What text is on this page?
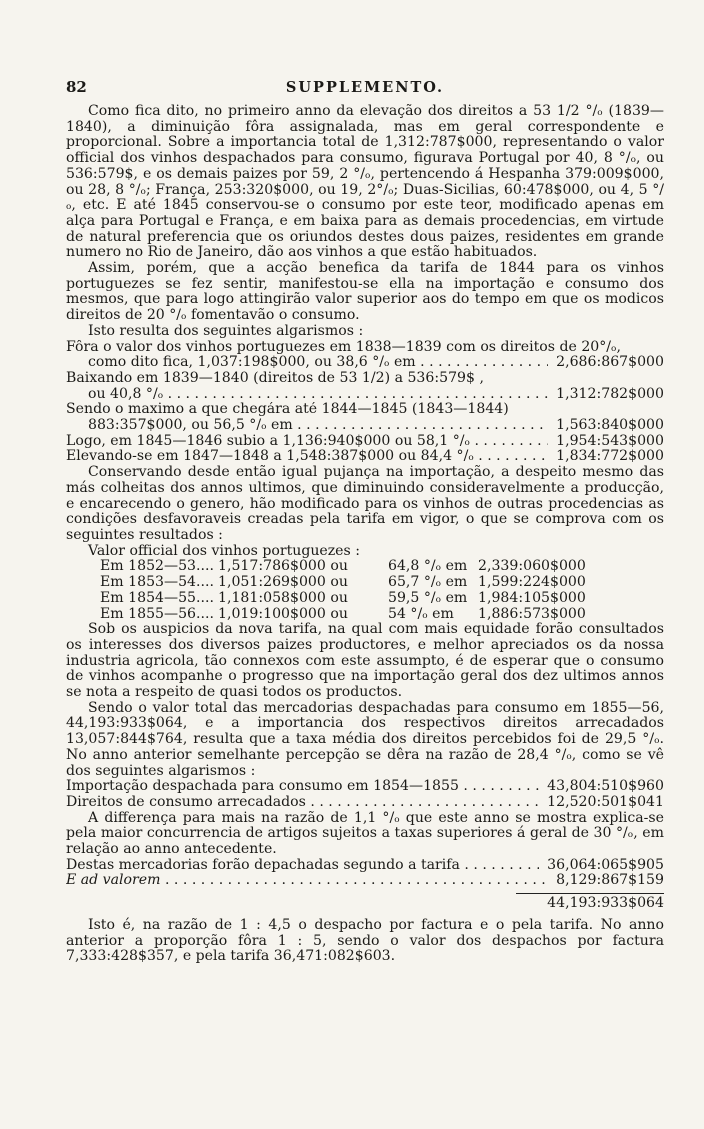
82	SUPPLEMENTO.

Como fica dito, no primeiro anno da elevação dos direitos a 53 1/2 °/ₒ (1839—1840), a diminuição fôra assignalada, mas em geral correspondente e proporcional. Sobre a importancia total de 1,312:787$000, representando o valor official dos vinhos despachados para consumo, figurava Portugal por 40, 8 °/ₒ, ou 536:579$, e os demais paizes por 59, 2 °/ₒ, pertencendo á Hespanha 379:009$000, ou 28, 8 °/ₒ; França, 253:320$000, ou 19, 2°/ₒ; Duas-Sicilias, 60:478$000, ou 4, 5 °/ₒ, etc. E até 1845 conservou-se o consumo por este teor, modificado apenas em alça para Portugal e França, e em baixa para as demais procedencias, em virtude de natural preferencia que os oriundos destes dous paizes, residentes em grande numero no Rio de Janeiro, dão aos vinhos a que estão habituados.

Assim, porém, que a acção benefica da tarifa de 1844 para os vinhos portuguezes se fez sentir, manifestou-se ella na importação e consumo dos mesmos, que para logo attingirão valor superior aos do tempo em que os modicos direitos de 20 °/ₒ fomentavão o consumo.

Isto resulta dos seguintes algarismos :

Fôra o valor dos vinhos portuguezes em 1838—1839 com os direitos de 20°/ₒ,
como dito fica, 1,037:198$000, ou 38,6 °/ₒ em . . .	2,686:867$000
Baixando em 1839—1840 (direitos de 53 1/2) a 536:579$ ,
ou 40,8 °/ₒ . . .	1,312:782$000
Sendo o maximo a que chegára até 1844—1845 (1843—1844)
883:357$000, ou 56,5 °/ₒ em . . .	1,563:840$000
Logo, em 1845—1846 subio a 1,136:940$000 ou 58,1 °/ₒ . . .	1,954:543$000
Elevando-se em 1847—1848 a 1,548:387$000 ou 84,4 °/ₒ . . .	1,834:772$000

Conservando desde então igual pujança na importação, a despeito mesmo das más colheitas dos annos ultimos, que diminuindo consideravelmente a producção, e encarecendo o genero, hão modificado para os vinhos de outras procedencias as condições desfavoraveis creadas pela tarifa em vigor, o que se comprova com os seguintes resultados :

Valor official dos vinhos portuguezes :

Em 1852—53.... 1,517:786$000 ou	64,8 °/ₒ em 2,339:060$000
Em 1853—54.... 1,051:269$000 ou	65,7 °/ₒ em 1,599:224$000
Em 1854—55.... 1,181:058$000 ou	59,5 °/ₒ em 1,984:105$000
Em 1855—56.... 1,019:100$000 ou	54 °/ₒ em	1,886:573$000

Sob os auspicios da nova tarifa, na qual com mais equidade forão consultados os interesses dos diversos paizes productores, e melhor apreciados os da nossa industria agricola, tão connexos com este assumpto, é de esperar que o consumo de vinhos acompanhe o progresso que na importação geral dos dez ultimos annos se nota a respeito de quasi todos os productos.

Sendo o valor total das mercadorias despachadas para consumo em 1855—56, 44,193:933$064, e a importancia dos respectivos direitos arrecadados 13,057:844$764, resulta que a taxa média dos direitos percebidos foi de 29,5 °/ₒ. No anno anterior semelhante percepção se dêra na razão de 28,4 °/ₒ, como se vê dos seguintes algarismos :

Importação despachada para consumo em 1854—1855 . . .	43,804:510$960
Direitos de consumo arrecadados . . .	12,520:501$041

A differença para mais na razão de 1,1 °/ₒ que este anno se mostra explica-se pela maior concurrencia de artigos sujeitos a taxas superiores á geral de 30 °/ₒ, em relação ao anno antecedente.

Destas mercadorias forão depachadas segundo a tarifa . . .	36,064:065$905
E ad valorem . . .	8,129:867$159
44,193:933$064

Isto é, na razão de 1 : 4,5 o despacho por factura e o pela tarifa. No anno anterior a proporção fôra 1 : 5, sendo o valor dos despachos por factura 7,333:428$357, e pela tarifa 36,471:082$603.
